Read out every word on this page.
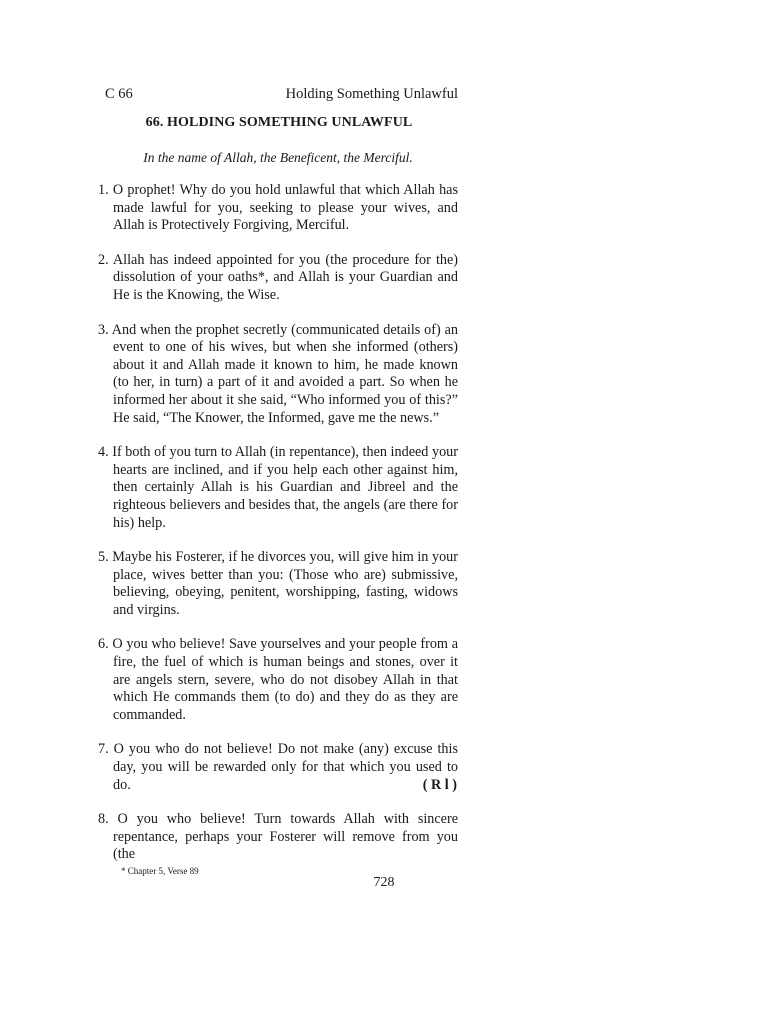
C 66	Holding Something Unlawful
66. HOLDING SOMETHING UNLAWFUL
In the name of Allah, the Beneficent, the Merciful.

1. O prophet! Why do you hold unlawful that which Allah has made lawful for you, seeking to please your wives, and Allah is Protectively Forgiving, Merciful.

2. Allah has indeed appointed for you (the procedure for the) dissolution of your oaths*, and Allah is your Guardian and He is the Knowing, the Wise.

3. And when the prophet secretly (communicated details of) an event to one of his wives, but when she informed (others) about it and Allah made it known to him, he made known (to her, in turn) a part of it and avoided a part. So when he informed her about it she said, “Who informed you of this?” He said, “The Knower, the Informed, gave me the news.”

4. If both of you turn to Allah (in repentance), then indeed your hearts are inclined, and if you help each other against him, then certainly Allah is his Guardian and Jibreel and the righteous believers and besides that, the angels (are there for his) help.

5. Maybe his Fosterer, if he divorces you, will give him in your place, wives better than you: (Those who are) submissive, believing, obeying, penitent, worshipping, fasting, widows and virgins.

6. O you who believe! Save yourselves and your people from a fire, the fuel of which is human beings and stones, over it are angels stern, severe, who do not disobey Allah in that which He commands them (to do) and they do as they are commanded.

7. O you who do not believe! Do not make (any) excuse this day, you will be rewarded only for that which you used to do.	( R l )

8. O you who believe! Turn towards Allah with sincere repentance, perhaps your Fosterer will remove from you (the

* Chapter 5, Verse 89
728
